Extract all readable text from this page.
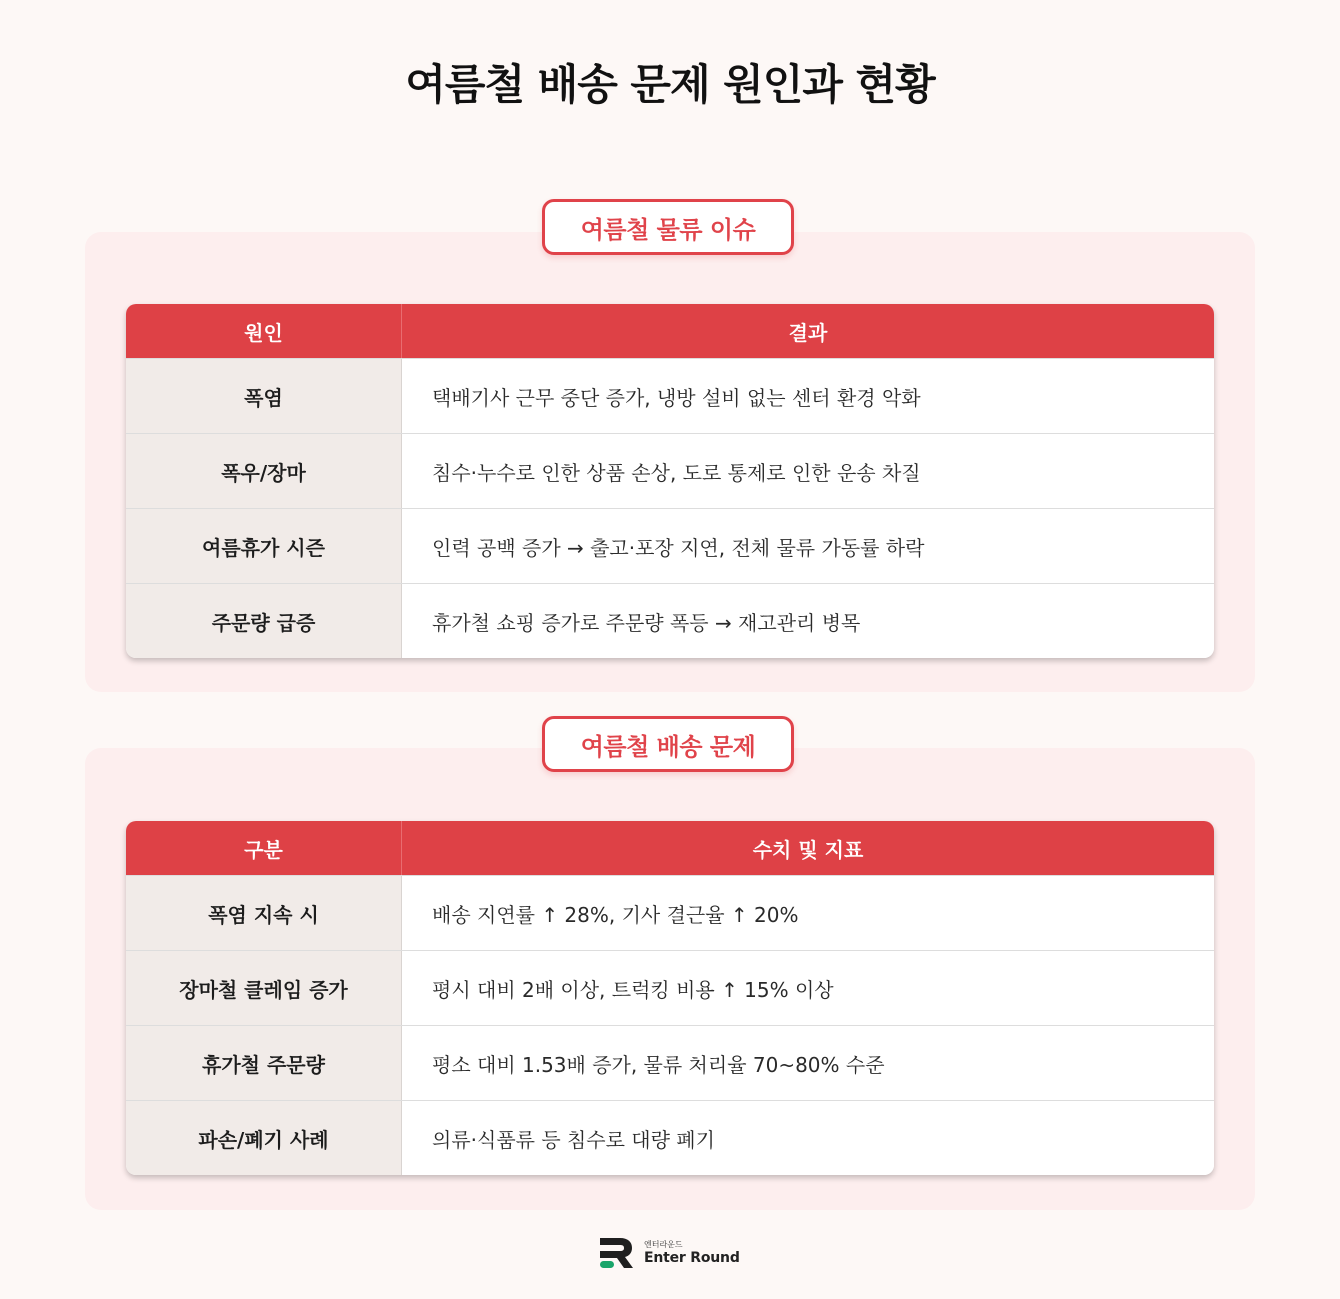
여름철 배송 문제 원인과 현황
여름철 물류 이슈
원인	결과
폭염	택배기사 근무 중단 증가, 냉방 설비 없는 센터 환경 악화
폭우/장마	침수·누수로 인한 상품 손상, 도로 통제로 인한 운송 차질
여름휴가 시즌	인력 공백 증가 → 출고·포장 지연, 전체 물류 가동률 하락
주문량 급증	휴가철 쇼핑 증가로 주문량 폭등 → 재고관리 병목
여름철 배송 문제
구분	수치 및 지표
폭염 지속 시	배송 지연률 ↑ 28%, 기사 결근율 ↑ 20%
장마철 클레임 증가	평시 대비 2배 이상, 트럭킹 비용 ↑ 15% 이상
휴가철 주문량	평소 대비 1.53배 증가, 물류 처리율 70~80% 수준
파손/폐기 사례	의류·식품류 등 침수로 대량 폐기
엔터라운드
Enter Round
